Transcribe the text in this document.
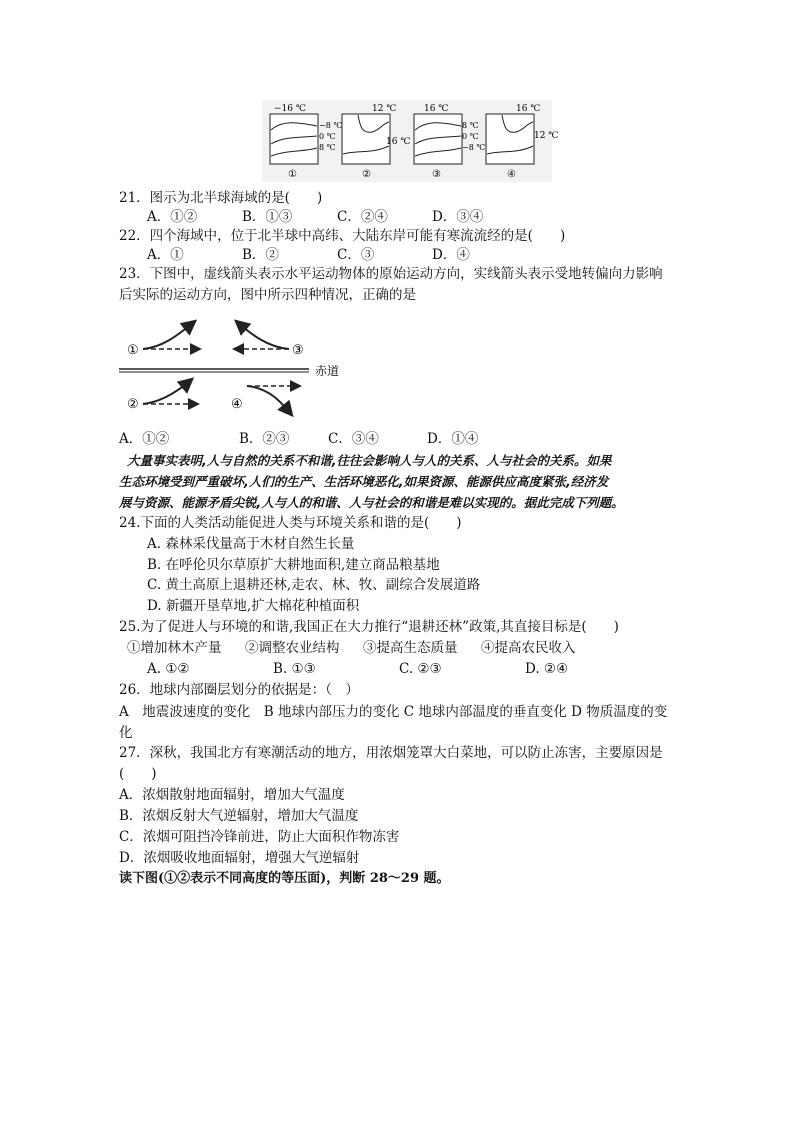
−16 ℃
−8 ℃
0 ℃
8 ℃
①
12 ℃
16 ℃
②
16 ℃
8 ℃
0 ℃
−8 ℃
③
16 ℃
12 ℃
④
21．图示为北半球海域的是(　　)
A．①②	B．①③	C．②④	D．③④
22．四个海域中，位于北半球中高纬、大陆东岸可能有寒流流经的是(　　)
A．①	B．②	C．③	D．④
23．下图中，虚线箭头表示水平运动物体的原始运动方向，实线箭头表示受地转偏向力影响
后实际的运动方向，图中所示四种情况，正确的是
①	③
赤道
②	④
A．①②	B．②③	C．③④	D．①④
大量事实表明,人与自然的关系不和谐,往往会影响人与人的关系、人与社会的关系。如果
生态环境受到严重破坏,人们的生产、生活环境恶化,如果资源、能源供应高度紧张,经济发
展与资源、能源矛盾尖锐,人与人的和谐、人与社会的和谐是难以实现的。据此完成下列题。
24.下面的人类活动能促进人类与环境关系和谐的是(　　)
A. 森林采伐量高于木材自然生长量
B. 在呼伦贝尔草原扩大耕地面积,建立商品粮基地
C. 黄土高原上退耕还林,走农、林、牧、副综合发展道路
D. 新疆开垦草地,扩大棉花种植面积
25.为了促进人与环境的和谐,我国正在大力推行“退耕还林”政策,其直接目标是(　　)
①增加林木产量 ②调整农业结构 ③提高生态质量 ④提高农民收入
A. ①②	B. ①③	C. ②③	D. ②④
26．地球内部圈层划分的依据是：（　）
A　地震波速度的变化　B 地球内部压力的变化 C 地球内部温度的垂直变化 D 物质温度的变
化
27．深秋，我国北方有寒潮活动的地方，用浓烟笼罩大白菜地，可以防止冻害，主要原因是
(　　)
A．浓烟散射地面辐射，增加大气温度
B．浓烟反射大气逆辐射，增加大气温度
C．浓烟可阻挡冷锋前进，防止大面积作物冻害
D．浓烟吸收地面辐射，增强大气逆辐射
读下图(①②表示不同高度的等压面)，判断 28～29 题。
